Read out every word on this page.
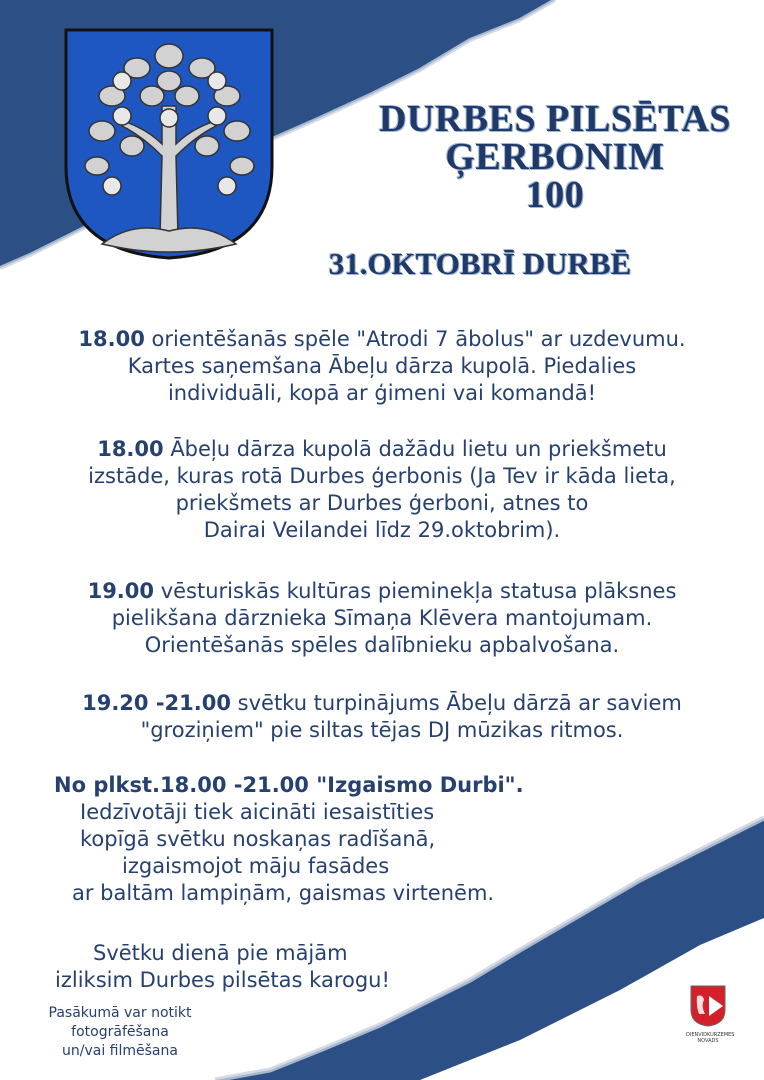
DURBES PILSĒTAS
ĢERBONIM
100
31.OKTOBRĪ DURBĒ
18.00 orientēšanās spēle "Atrodi 7 ābolus" ar uzdevumu.
Kartes saņemšana Ābeļu dārza kupolā. Piedalies
individuāli, kopā ar ģimeni vai komandā!
18.00 Ābeļu dārza kupolā dažādu lietu un priekšmetu
izstāde, kuras rotā Durbes ģerbonis (Ja Tev ir kāda lieta,
priekšmets ar Durbes ģerboni, atnes to
Dairai Veilandei līdz 29.oktobrim).
19.00 vēsturiskās kultūras pieminekļa statusa plāksnes
pielikšana dārznieka Sīmaņa Klēvera mantojumam.
Orientēšanās spēles dalībnieku apbalvošana.
19.20 -21.00 svētku turpinājums Ābeļu dārzā ar saviem
"groziņiem" pie siltas tējas DJ mūzikas ritmos.
No plkst.18.00 -21.00 "Izgaismo Durbi".
Iedzīvotāji tiek aicināti iesaistīties
kopīgā svētku noskaņas radīšanā,
izgaismojot māju fasādes
ar baltām lampiņām, gaismas virtenēm.
Svētku dienā pie mājām
izliksim Durbes pilsētas karogu!
Pasākumā var notikt
fotogrāfēšana
un/vai filmēšana
DIENVIDKURZEMES
NOVADS
